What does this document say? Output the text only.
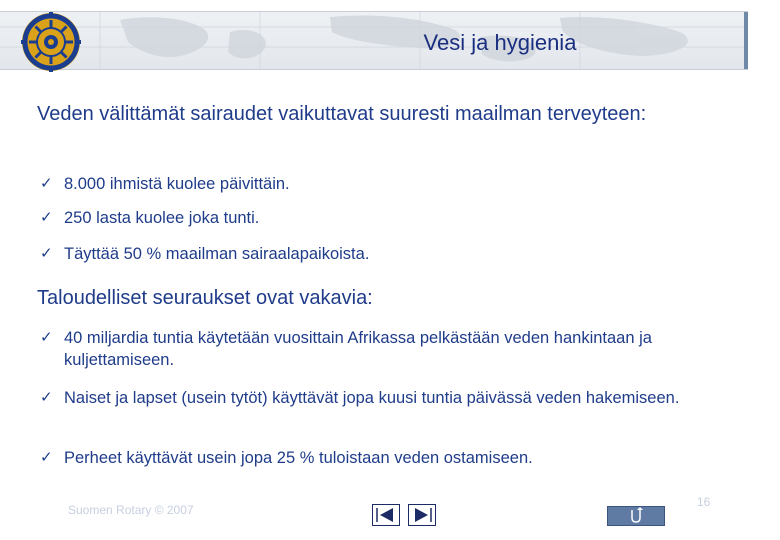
Vesi ja hygienia
Veden välittämät sairaudet vaikuttavat suuresti maailman terveyteen:
✓ 8.000 ihmistä kuolee päivittäin.
✓ 250 lasta kuolee joka tunti.
✓ Täyttää 50 % maailman sairaalapaikoista.
Taloudelliset seuraukset ovat vakavia:
✓ 40 miljardia tuntia käytetään vuosittain Afrikassa pelkästään veden hankintaan ja kuljettamiseen.
✓ Naiset ja lapset (usein tytöt) käyttävät jopa kuusi tuntia päivässä veden hakemiseen.
✓ Perheet käyttävät usein jopa 25 % tuloistaan veden ostamiseen.
Suomen Rotary © 2007
16
